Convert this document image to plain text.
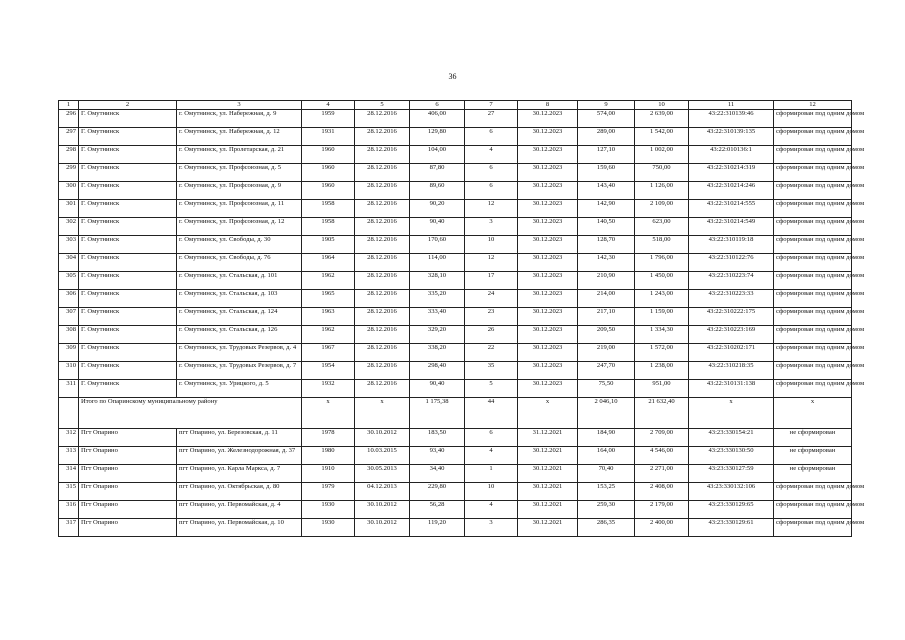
36
.
1	2	3	4	5	6	7	8	9	10	11	12
296	Г. Омутнинск	г. Омутнинск, ул. Набережная, д. 9	1959	28.12.2016	406,00	27	30.12.2023	574,00	2 639,00	43:22:310139:46	сформирован под одним домом
297	Г. Омутнинск	г. Омутнинск, ул. Набережная, д. 12	1931	28.12.2016	129,80	6	30.12.2023	289,00	1 542,00	43:22:310139:135	сформирован под одним домом
298	Г. Омутнинск	г. Омутнинск, ул. Пролетарская, д. 21	1960	28.12.2016	104,00	4	30.12.2023	127,10	1 002,00	43:22:010136:1	сформирован под одним домом
299	Г. Омутнинск	г. Омутнинск, ул. Профсоюзная, д. 5	1960	28.12.2016	87,80	6	30.12.2023	159,60	750,00	43:22:310214:319	сформирован под одним домом
300	Г. Омутнинск	г. Омутнинск, ул. Профсоюзная, д. 9	1960	28.12.2016	89,60	6	30.12.2023	143,40	1 126,00	43:22:310214:246	сформирован под одним домом
301	Г. Омутнинск	г. Омутнинск, ул. Профсоюзная, д. 11	1958	28.12.2016	90,20	12	30.12.2023	142,90	2 109,00	43:22:310214:555	сформирован под одним домом
302	Г. Омутнинск	г. Омутнинск, ул. Профсоюзная, д. 12	1958	28.12.2016	90,40	3	30.12.2023	140,50	623,00	43:22:310214:549	сформирован под одним домом
303	Г. Омутнинск	г. Омутнинск, ул. Свободы, д. 30	1905	28.12.2016	170,60	10	30.12.2023	128,70	518,00	43:22:310119:18	сформирован под одним домом
304	Г. Омутнинск	г. Омутнинск, ул. Свободы, д. 76	1964	28.12.2016	114,00	12	30.12.2023	142,30	1 796,00	43:22:310122:76	сформирован под одним домом
305	Г. Омутнинск	г. Омутнинск, ул. Стальская, д. 101	1962	28.12.2016	328,10	17	30.12.2023	210,90	1 450,00	43:22:310223:74	сформирован под одним домом
306	Г. Омутнинск	г. Омутнинск, ул. Стальская, д. 103	1965	28.12.2016	335,20	24	30.12.2023	214,00	1 243,00	43:22:310223:33	сформирован под одним домом
307	Г. Омутнинск	г. Омутнинск, ул. Стальская, д. 124	1963	28.12.2016	333,40	23	30.12.2023	217,10	1 159,00	43:22:310222:175	сформирован под одним домом
308	Г. Омутнинск	г. Омутнинск, ул. Стальская, д. 126	1962	28.12.2016	329,20	26	30.12.2023	209,50	1 334,30	43:22:310223:169	сформирован под одним домом
309	Г. Омутнинск	г. Омутнинск, ул. Трудовых Резервов, д. 4	1967	28.12.2016	338,20	22	30.12.2023	219,00	1 572,00	43:22:310202:171	сформирован под одним домом
310	Г. Омутнинск	г. Омутнинск, ул. Трудовых Резервов, д. 7	1954	28.12.2016	298,40	35	30.12.2023	247,70	1 238,00	43:22:310218:35	сформирован под одним домом
311	Г. Омутнинск	г. Омутнинск, ул. Урицкого, д. 5	1932	28.12.2016	90,40	5	30.12.2023	75,50	951,00	43:22:310131:138	сформирован под одним домом
	Итого по Опаринскому муниципальному району		x	x	1 175,38	44	x	2 046,10	21 632,40	x	x
312	Пгт Опарино	пгт Опарино, ул. Березовская, д. 11	1978	30.10.2012	183,50	6	31.12.2021	184,90	2 709,00	43:23:330154:21	не сформирован
313	Пгт Опарино	пгт Опарино, ул. Железнодорожная, д. 37	1980	10.03.2015	93,40	4	30.12.2021	164,00	4 546,00	43:23:330130:50	не сформирован
314	Пгт Опарино	пгт Опарино, ул. Карла Маркса, д. 7	1910	30.05.2013	34,40	1	30.12.2021	70,40	2 271,00	43:23:330127:59	не сформирован
315	Пгт Опарино	пгт Опарино, ул. Октябрьская, д. 80	1979	04.12.2013	229,80	10	30.12.2021	153,25	2 408,00	43:23:330132:106	сформирован под одним домом
316	Пгт Опарино	пгт Опарино, ул. Первомайская, д. 4	1930	30.10.2012	56,28	4	30.12.2021	259,30	2 179,00	43:23:330129:65	сформирован под одним домом
317	Пгт Опарино	пгт Опарино, ул. Первомайская, д. 10	1930	30.10.2012	119,20	3	30.12.2021	286,35	2 400,00	43:23:330129:61	сформирован под одним домом
